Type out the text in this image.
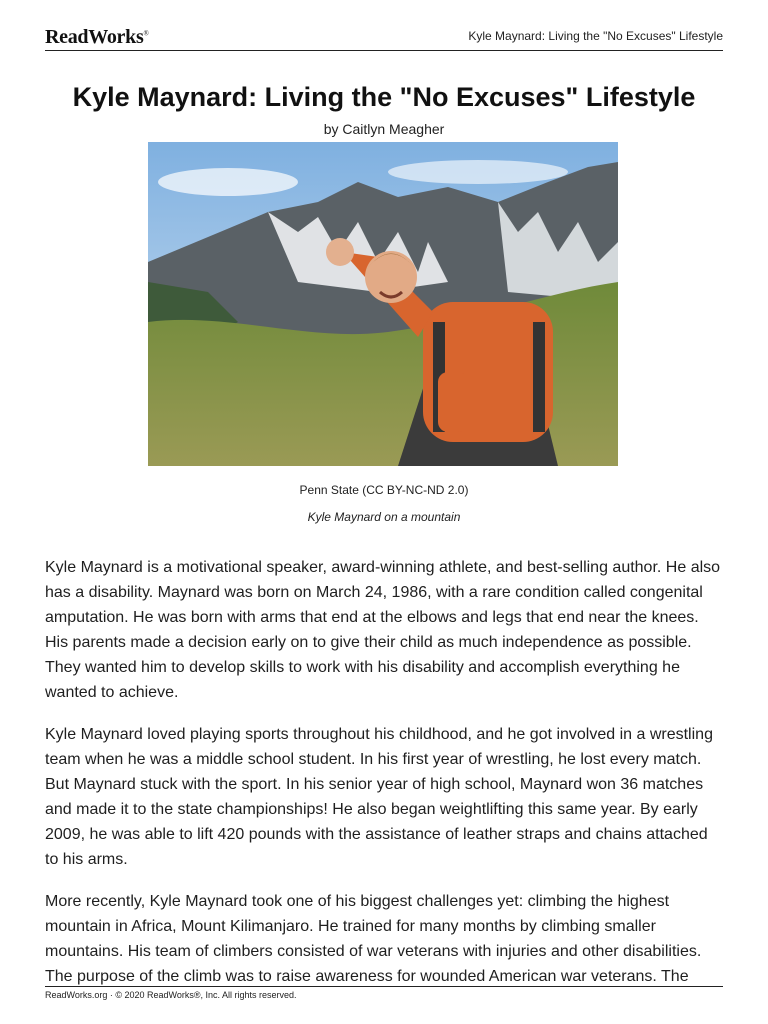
ReadWorks®	Kyle Maynard: Living the "No Excuses" Lifestyle
Kyle Maynard: Living the "No Excuses" Lifestyle
by Caitlyn Meagher
Penn State (CC BY-NC-ND 2.0)
Kyle Maynard on a mountain

Kyle Maynard is a motivational speaker, award-winning athlete, and best-selling author. He also has a disability. Maynard was born on March 24, 1986, with a rare condition called congenital amputation. He was born with arms that end at the elbows and legs that end near the knees. His parents made a decision early on to give their child as much independence as possible. They wanted him to develop skills to work with his disability and accomplish everything he wanted to achieve.

Kyle Maynard loved playing sports throughout his childhood, and he got involved in a wrestling team when he was a middle school student. In his first year of wrestling, he lost every match. But Maynard stuck with the sport. In his senior year of high school, Maynard won 36 matches and made it to the state championships! He also began weightlifting this same year. By early 2009, he was able to lift 420 pounds with the assistance of leather straps and chains attached to his arms.

More recently, Kyle Maynard took one of his biggest challenges yet: climbing the highest mountain in Africa, Mount Kilimanjaro. He trained for many months by climbing smaller mountains. His team of climbers consisted of war veterans with injuries and other disabilities. The purpose of the climb was to raise awareness for wounded American war veterans. The

ReadWorks.org · © 2020 ReadWorks®, Inc. All rights reserved.
